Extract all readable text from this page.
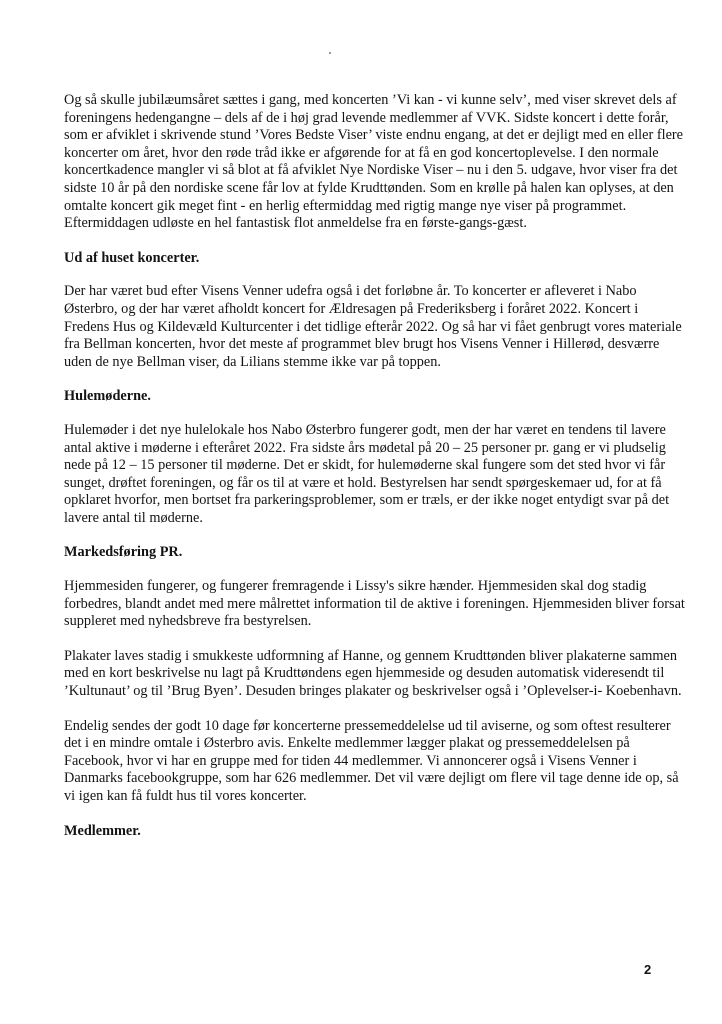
Og så skulle jubilæumsåret sættes i gang, med koncerten ’Vi kan - vi kunne selv’, med viser skrevet dels af foreningens hedengangne – dels af de i høj grad levende medlemmer af VVK. Sidste koncert i dette forår, som er afviklet i skrivende stund ’Vores Bedste Viser’ viste endnu engang, at det er dejligt med en eller flere koncerter om året, hvor den røde tråd ikke er afgørende for at få en god koncertoplevelse. I den normale koncertkadence mangler vi så blot at få afviklet Nye Nordiske Viser – nu i den 5. udgave, hvor viser fra det sidste 10 år på den nordiske scene får lov at fylde Krudttønden. Som en krølle på halen kan oplyses, at den omtalte koncert gik meget fint - en herlig eftermiddag med rigtig mange nye viser på programmet. Eftermiddagen udløste en hel fantastisk flot anmeldelse fra en første-gangs-gæst.

Ud af huset koncerter.

Der har været bud efter Visens Venner udefra også i det forløbne år. To koncerter er afleveret i Nabo Østerbro, og der har været afholdt koncert for Ældresagen på Frederiksberg i foråret 2022. Koncert i Fredens Hus og Kildevæld Kulturcenter i det tidlige efterår 2022. Og så har vi fået genbrugt vores materiale fra Bellman koncerten, hvor det meste af programmet blev brugt hos Visens Venner i Hillerød, desværre uden de nye Bellman viser, da Lilians stemme ikke var på toppen.

Hulemøderne.

Hulemøder i det nye hulelokale hos Nabo Østerbro fungerer godt, men der har været en tendens til lavere antal aktive i møderne i efteråret 2022. Fra sidste års mødetal på 20 – 25 personer pr. gang er vi pludselig nede på 12 – 15 personer til møderne. Det er skidt, for hulemøderne skal fungere som det sted hvor vi får sunget, drøftet foreningen, og får os til at være et hold. Bestyrelsen har sendt spørgeskemaer ud, for at få opklaret hvorfor, men bortset fra parkeringsproblemer, som er træls, er der ikke noget entydigt svar på det lavere antal til møderne.

Markedsføring PR.

Hjemmesiden fungerer, og fungerer fremragende i Lissy's sikre hænder. Hjemmesiden skal dog stadig forbedres, blandt andet med mere målrettet information til de aktive i foreningen. Hjemmesiden bliver forsat suppleret med nyhedsbreve fra bestyrelsen.

Plakater laves stadig i smukkeste udformning af Hanne, og gennem Krudttønden bliver plakaterne sammen med en kort beskrivelse nu lagt på Krudttøndens egen hjemmeside og desuden automatisk videresendt til ’Kultunaut’ og til ’Brug Byen’. Desuden bringes plakater og beskrivelser også i ’Oplevelser-i- Koebenhavn.

Endelig sendes der godt 10 dage før koncerterne pressemeddelelse ud til aviserne, og som oftest resulterer det i en mindre omtale i Østerbro avis. Enkelte medlemmer lægger plakat og pressemeddelelsen på Facebook, hvor vi har en gruppe med for tiden 44 medlemmer. Vi annoncerer også i Visens Venner i Danmarks facebookgruppe, som har 626 medlemmer. Det vil være dejligt om flere vil tage denne ide op, så vi igen kan få fuldt hus til vores koncerter.

Medlemmer.
2
